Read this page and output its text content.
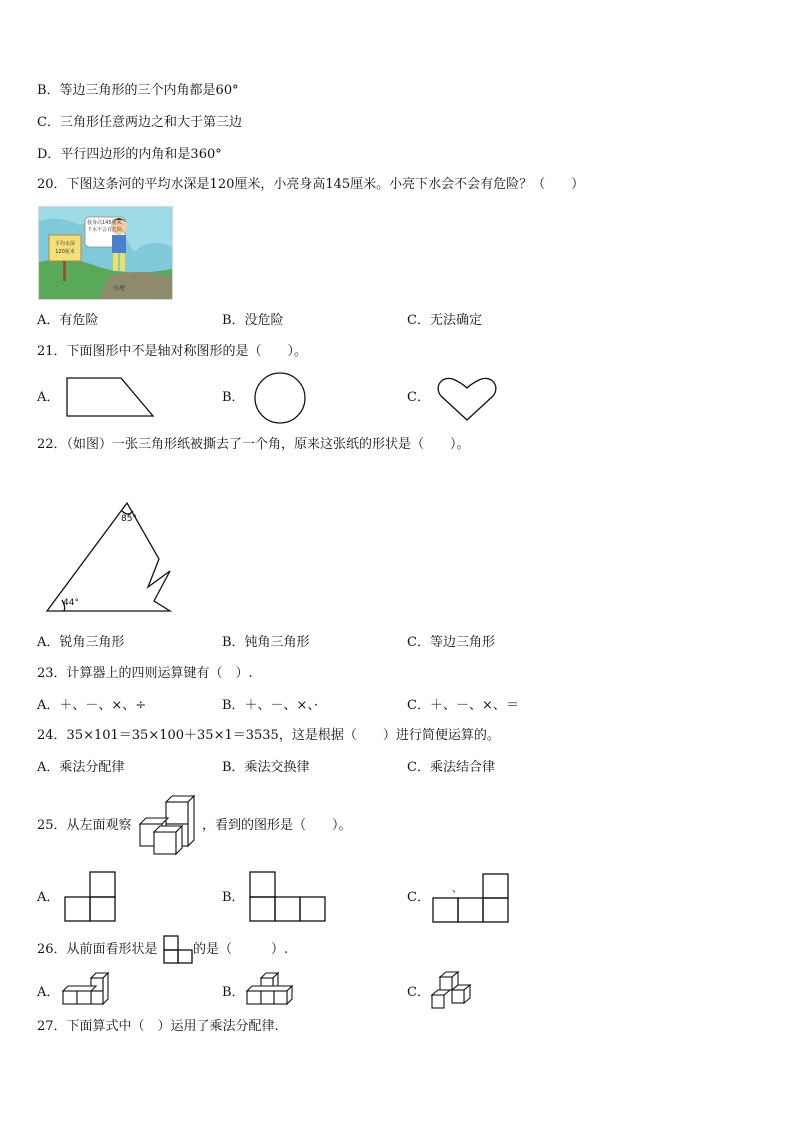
B．等边三角形的三个内角都是60°
C．三角形任意两边之和大于第三边
D．平行四边形的内角和是360°
20．下图这条河的平均水深是120厘米，小亮身高145厘米。小亮下水会不会有危险？（　　）
我身高145厘米，
下水不会有危险。
平均水深
120厘米
小亮
A．有危险	B．没危险	C．无法确定
21．下面图形中不是轴对称图形的是（　　）。
A．	B．	C．
22．（如图）一张三角形纸被撕去了一个角，原来这张纸的形状是（　　）。
85°
44°
A．锐角三角形	B．钝角三角形	C．等边三角形
23．计算器上的四则运算键有（　）.
A．＋、－、×、÷	B．＋、－、×、·	C．＋、－、×、＝
24．35×101＝35×100＋35×1＝3535，这是根据（　　）进行简便运算的。
A．乘法分配律	B．乘法交换律	C．乘法结合律
25．从左面观察	，看到的图形是（　　）。
A．	B．	C．
、
26．从前面看形状是	的是（　　　）.
A．	B．	C．
27．下面算式中（　）运用了乘法分配律.
